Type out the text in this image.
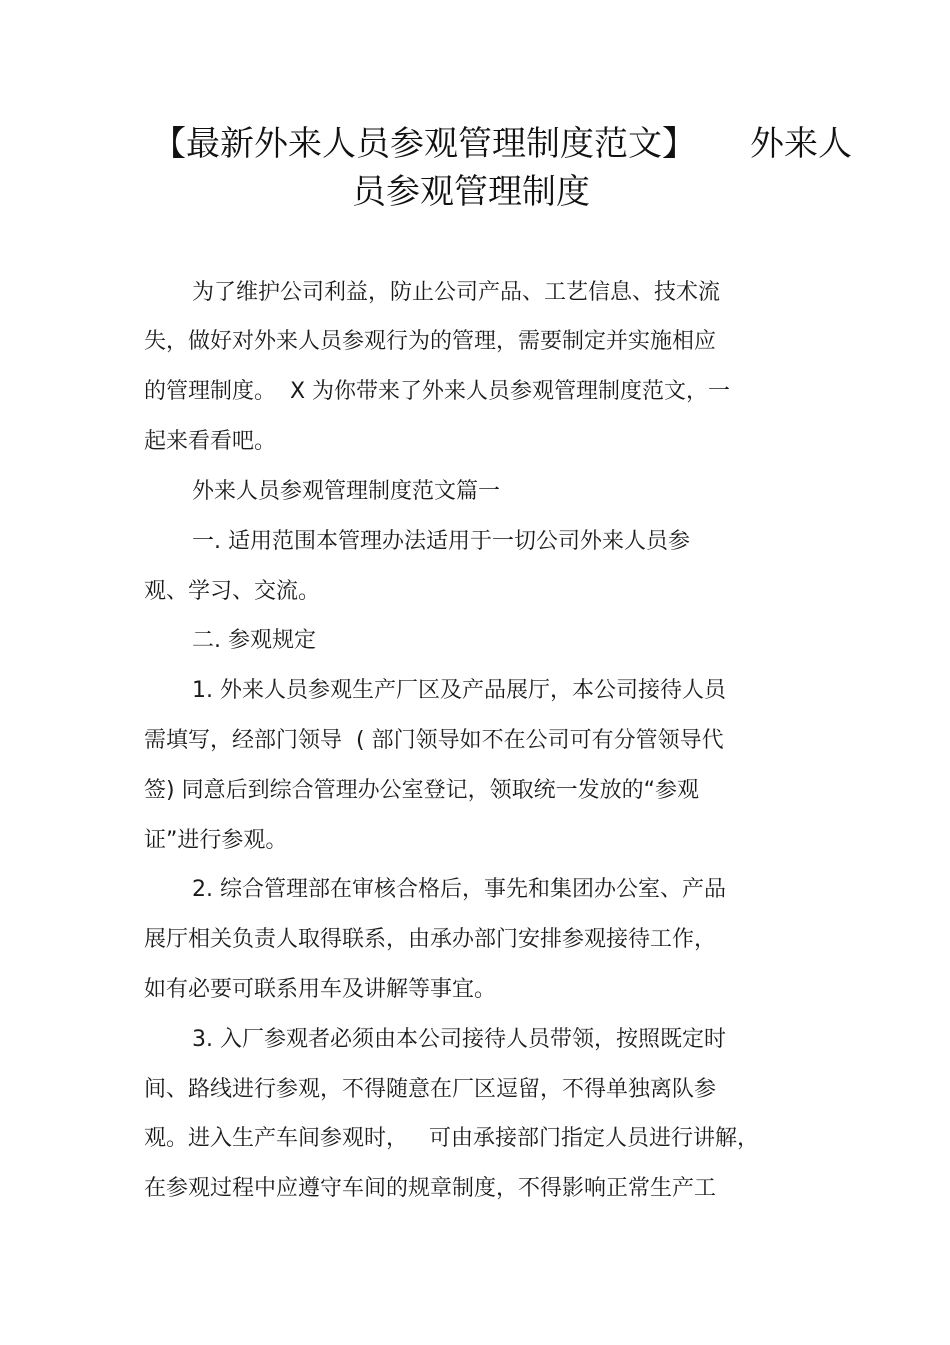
【最新外来人员参观管理制度范文】     外来人
员参观管理制度
为了维护公司利益，防止公司产品、工艺信息、技术流
失，做好对外来人员参观行为的管理，需要制定并实施相应
的管理制度。  X 为你带来了外来人员参观管理制度范文，一
起来看看吧。
外来人员参观管理制度范文篇一
一. 适用范围本管理办法适用于一切公司外来人员参
观、学习、交流。
二. 参观规定
1. 外来人员参观生产厂区及产品展厅，本公司接待人员
需填写，经部门领导  ( 部门领导如不在公司可有分管领导代
签) 同意后到综合管理办公室登记，领取统一发放的“参观
证”进行参观。
2. 综合管理部在审核合格后，事先和集团办公室、产品
展厅相关负责人取得联系，由承办部门安排参观接待工作，
如有必要可联系用车及讲解等事宜。
3. 入厂参观者必须由本公司接待人员带领，按照既定时
间、路线进行参观，不得随意在厂区逗留，不得单独离队参
观。进入生产车间参观时，   可由承接部门指定人员进行讲解，
在参观过程中应遵守车间的规章制度，不得影响正常生产工
